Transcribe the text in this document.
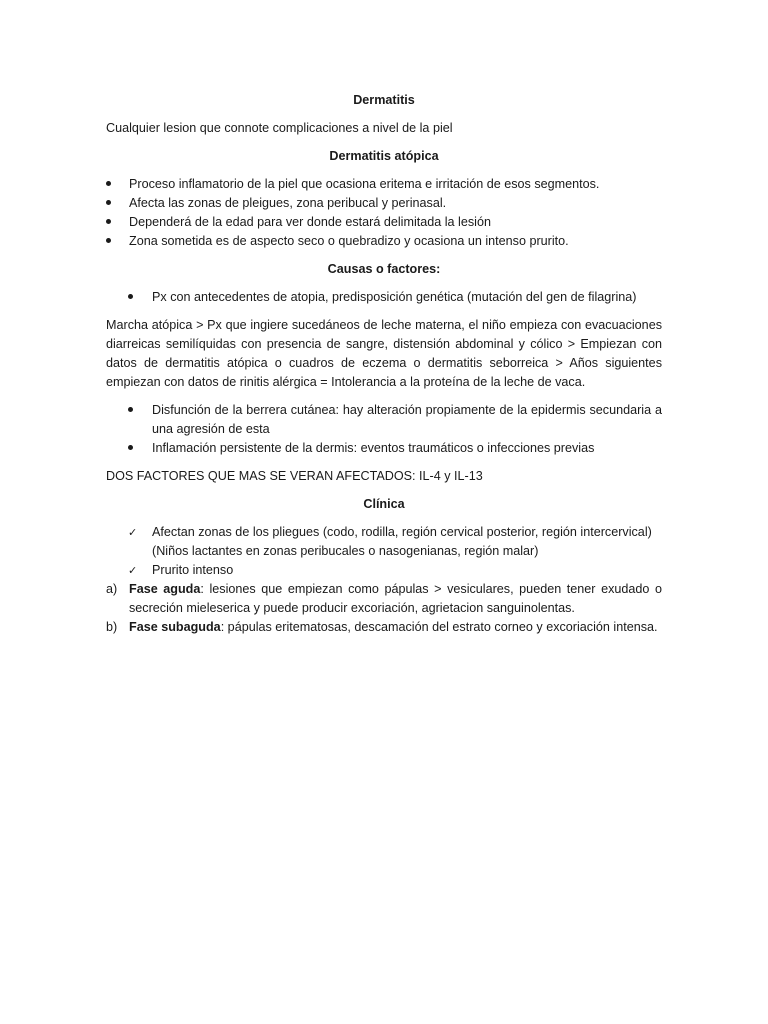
Dermatitis

Cualquier lesion que connote complicaciones a nivel de la piel

Dermatitis atópica

Proceso inflamatorio de la piel que ocasiona eritema e irritación de esos segmentos.
Afecta las zonas de pleigues, zona peribucal y perinasal.
Dependerá de la edad para ver donde estará delimitada la lesión
Zona sometida es de aspecto seco o quebradizo y ocasiona un intenso prurito.

Causas o factores:

Px con antecedentes de atopia, predisposición genética (mutación del gen de filagrina)

Marcha atópica > Px que ingiere sucedáneos de leche materna, el niño empieza con evacuaciones diarreicas semilíquidas con presencia de sangre, distensión abdominal y cólico > Empiezan con datos de dermatitis atópica o cuadros de eczema o dermatitis seborreica > Años siguientes empiezan con datos de rinitis alérgica = Intolerancia a la proteína de la leche de vaca.

Disfunción de la berrera cutánea: hay alteración propiamente de la epidermis secundaria a una agresión de esta
Inflamación persistente de la dermis: eventos traumáticos o infecciones previas

DOS FACTORES QUE MAS SE VERAN AFECTADOS: IL-4 y IL-13

Clínica

✓ Afectan zonas de los pliegues (codo, rodilla, región cervical posterior, región intercervical) (Niños lactantes en zonas peribucales o nasogenianas, región malar)
✓ Prurito intenso
a) Fase aguda: lesiones que empiezan como pápulas > vesiculares, pueden tener exudado o secreción mieleserica y puede producir excoriación, agrietacion sanguinolentas.
b) Fase subaguda: pápulas eritematosas, descamación del estrato corneo y excoriación intensa.
